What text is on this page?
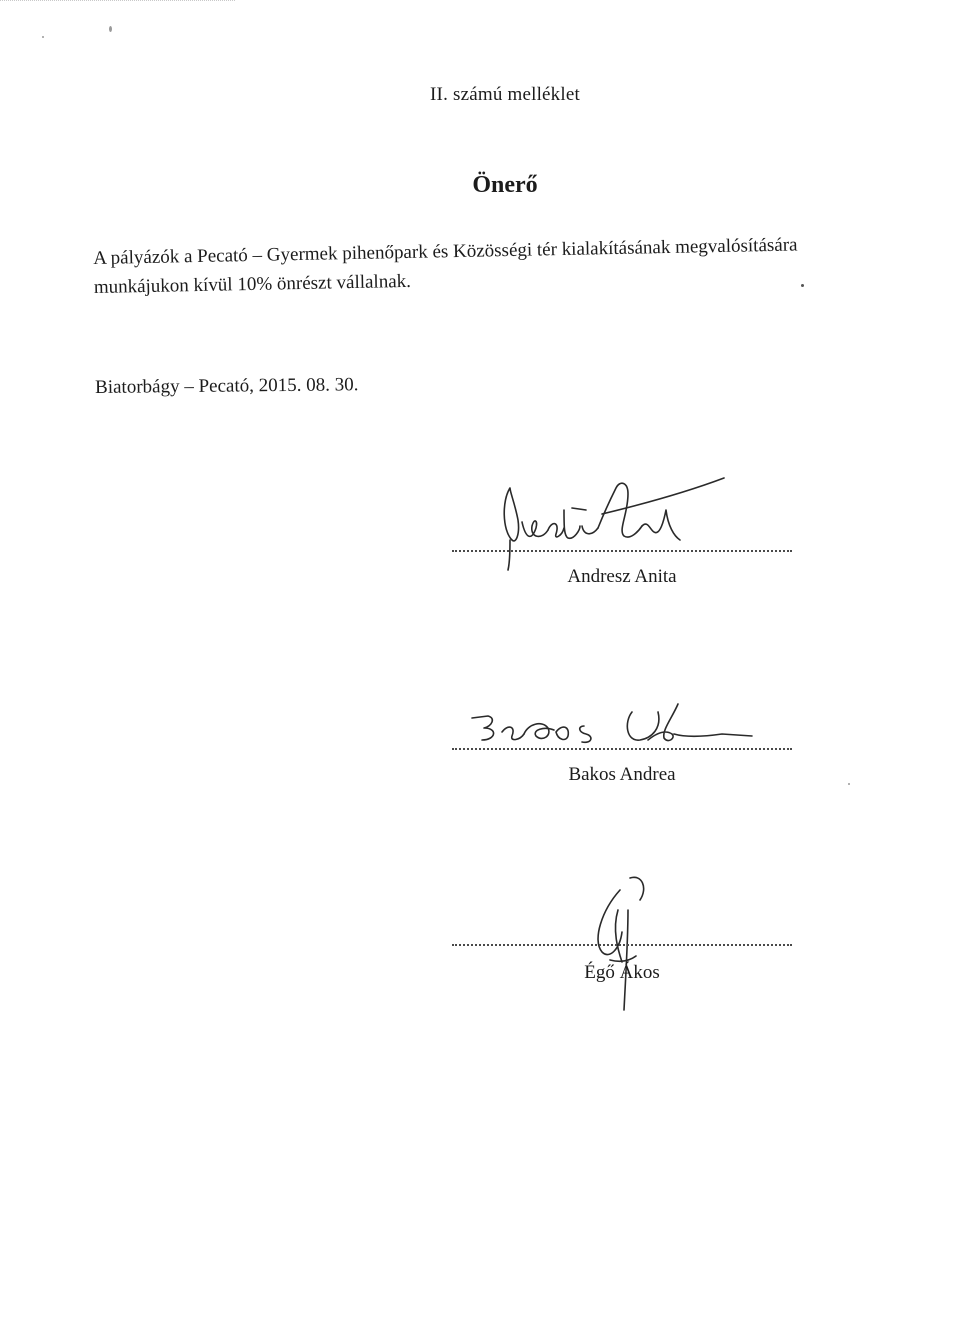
II. számú melléklet
Önerő

A pályázók a Pecató – Gyermek pihenőpark és Közösségi tér kialakításának megvalósítására

munkájukon kívül 10% önrészt vállalnak.

Biatorbágy – Pecató, 2015. 08. 30.
Andresz Anita
Bakos Andrea
Égő Ákos
